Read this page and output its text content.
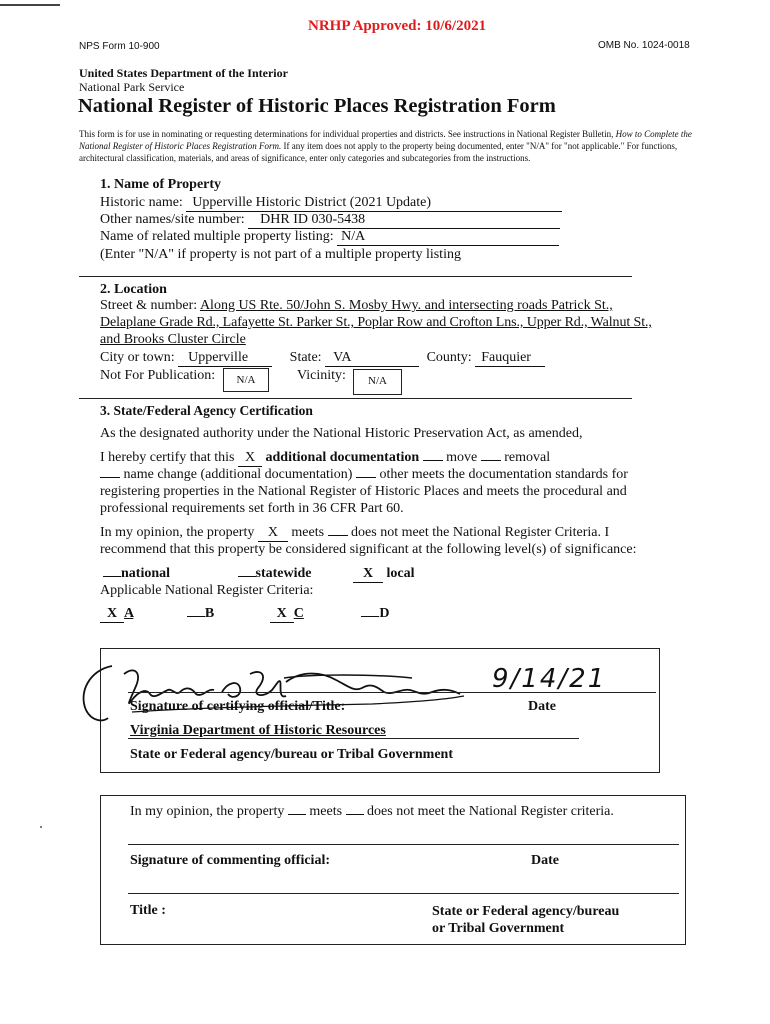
NRHP Approved: 10/6/2021
NPS Form 10-900	OMB No. 1024-0018
United States Department of the Interior
National Park Service
National Register of Historic Places Registration Form
This form is for use in nominating or requesting determinations for individual properties and districts. See instructions in National Register Bulletin, How to Complete the National Register of Historic Places Registration Form. If any item does not apply to the property being documented, enter "N/A" for "not applicable." For functions, architectural classification, materials, and areas of significance, enter only categories and subcategories from the instructions.
1. Name of Property
Historic name: Upperville Historic District (2021 Update)
Other names/site number: DHR ID 030-5438
Name of related multiple property listing: N/A
(Enter "N/A" if property is not part of a multiple property listing
2. Location
Street & number: Along US Rte. 50/John S. Mosby Hwy. and intersecting roads Patrick St.,
Delaplane Grade Rd., Lafayette St. Parker St., Poplar Row and Crofton Lns., Upper Rd., Walnut St.,
and Brooks Cluster Circle
City or town: Upperville	State: VA	County: Fauquier
Not For Publication:	N/A	Vicinity:	N/A
3. State/Federal Agency Certification
As the designated authority under the National Historic Preservation Act, as amended,
I hereby certify that this X additional documentation move removal
name change (additional documentation) other meets the documentation standards for
registering properties in the National Register of Historic Places and meets the procedural and
professional requirements set forth in 36 CFR Part 60.
In my opinion, the property X meets does not meet the National Register Criteria. I
recommend that this property be considered significant at the following level(s) of significance:
national	statewide	X local
Applicable National Register Criteria:
X A	B	X C	D
9/14/21
Signature of certifying official/Title:	Date
Virginia Department of Historic Resources
State or Federal agency/bureau or Tribal Government
In my opinion, the property meets does not meet the National Register criteria.
Signature of commenting official:	Date
Title :	State or Federal agency/bureau
or Tribal Government
